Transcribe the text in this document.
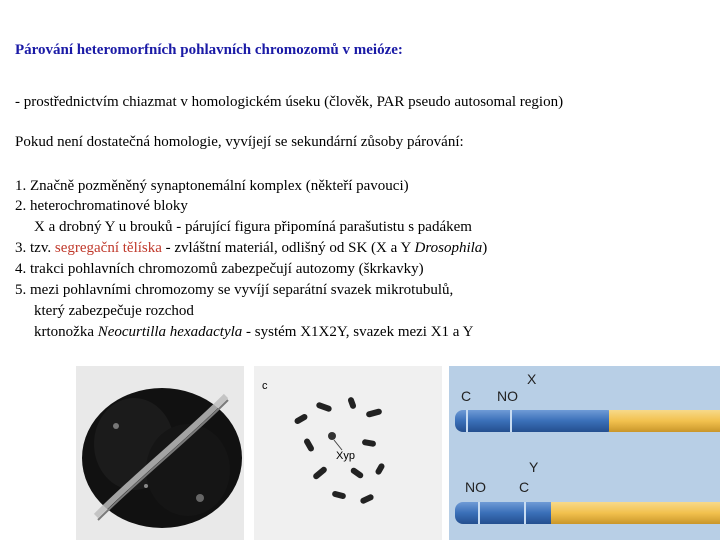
Párování heteromorfních pohlavních chromozomů v meióze:
- prostřednictvím chiazmat v homologickém úseku (člověk, PAR pseudo autosomal region)
Pokud není dostatečná homologie, vyvíjejí se sekundární zůsoby párování:
1. Značně pozměněný synaptonemální komplex (někteří pavouci)
2. heterochromatinové bloky
X a drobný Y u brouků - párující figura připomíná parašutistu s padákem
3. tzv. segregační tělíska - zvláštní materiál, odlišný od SK (X a Y Drosophila)
4. trakci pohlavních chromozomů zabezpečují autozomy (škrkavky)
5. mezi pohlavními chromozomy se vyvíjí separátní svazek mikrotubulů,
který zabezpečuje rozchod
krtonožka Neocurtilla hexadactyla - systém X1X2Y, svazek mezi X1 a Y
c
Xyp
X
C NO
Y
NO C
